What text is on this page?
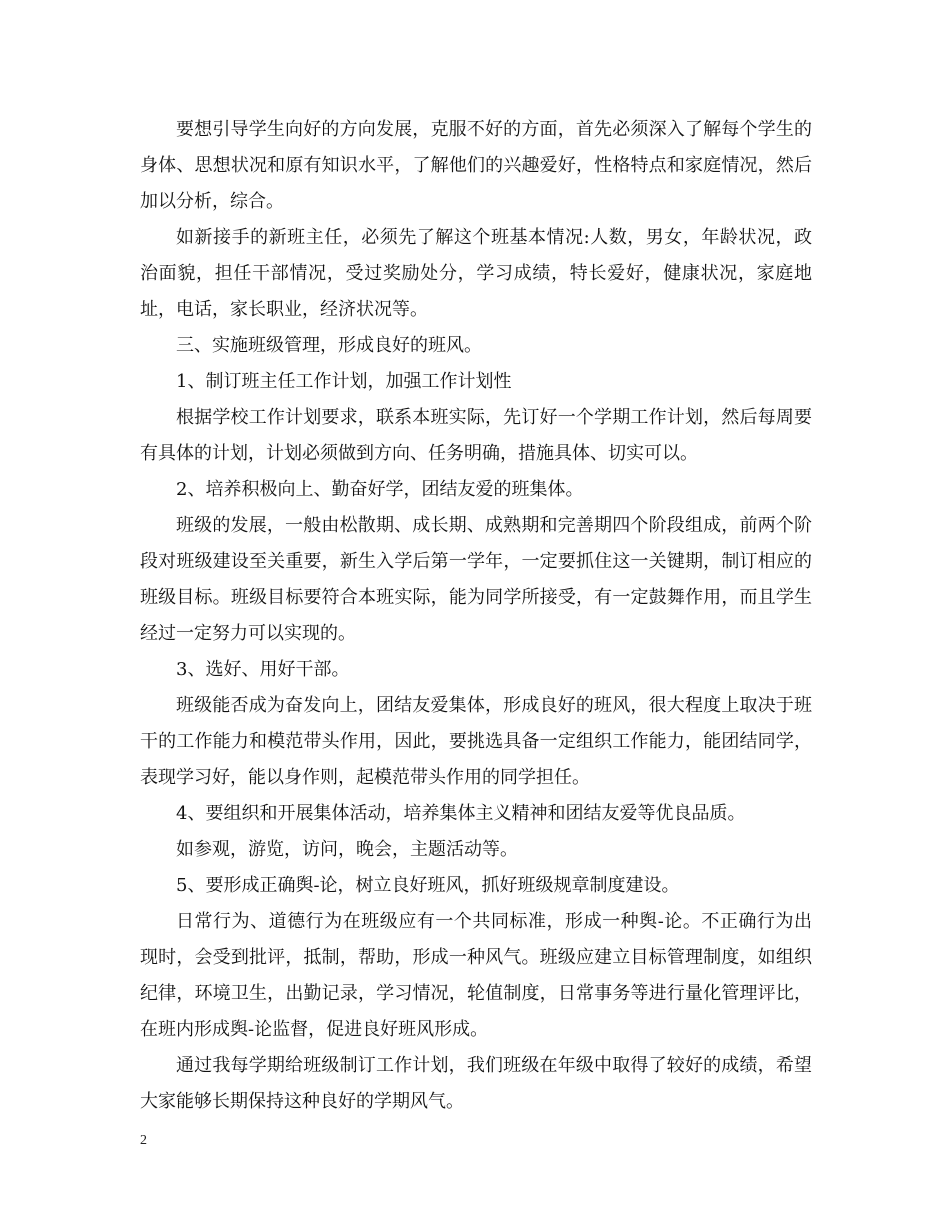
要想引导学生向好的方向发展，克服不好的方面，首先必须深入了解每个学生的身体、思想状况和原有知识水平，了解他们的兴趣爱好，性格特点和家庭情况，然后加以分析，综合。

如新接手的新班主任，必须先了解这个班基本情况:人数，男女，年龄状况，政治面貌，担任干部情况，受过奖励处分，学习成绩，特长爱好，健康状况，家庭地址，电话，家长职业，经济状况等。

三、实施班级管理，形成良好的班风。

1、制订班主任工作计划，加强工作计划性

根据学校工作计划要求，联系本班实际，先订好一个学期工作计划，然后每周要有具体的计划，计划必须做到方向、任务明确，措施具体、切实可以。

2、培养积极向上、勤奋好学，团结友爱的班集体。

班级的发展，一般由松散期、成长期、成熟期和完善期四个阶段组成，前两个阶段对班级建设至关重要，新生入学后第一学年，一定要抓住这一关键期，制订相应的班级目标。班级目标要符合本班实际，能为同学所接受，有一定鼓舞作用，而且学生经过一定努力可以实现的。

3、选好、用好干部。

班级能否成为奋发向上，团结友爱集体，形成良好的班风，很大程度上取决于班干的工作能力和模范带头作用，因此，要挑选具备一定组织工作能力，能团结同学，表现学习好，能以身作则，起模范带头作用的同学担任。

4、要组织和开展集体活动，培养集体主义精神和团结友爱等优良品质。

如参观，游览，访问，晚会，主题活动等。

5、要形成正确舆-论，树立良好班风，抓好班级规章制度建设。

日常行为、道德行为在班级应有一个共同标准，形成一种舆-论。不正确行为出现时，会受到批评，抵制，帮助，形成一种风气。班级应建立目标管理制度，如组织纪律，环境卫生，出勤记录，学习情况，轮值制度，日常事务等进行量化管理评比，在班内形成舆-论监督，促进良好班风形成。

通过我每学期给班级制订工作计划，我们班级在年级中取得了较好的成绩，希望大家能够长期保持这种良好的学期风气。

2
